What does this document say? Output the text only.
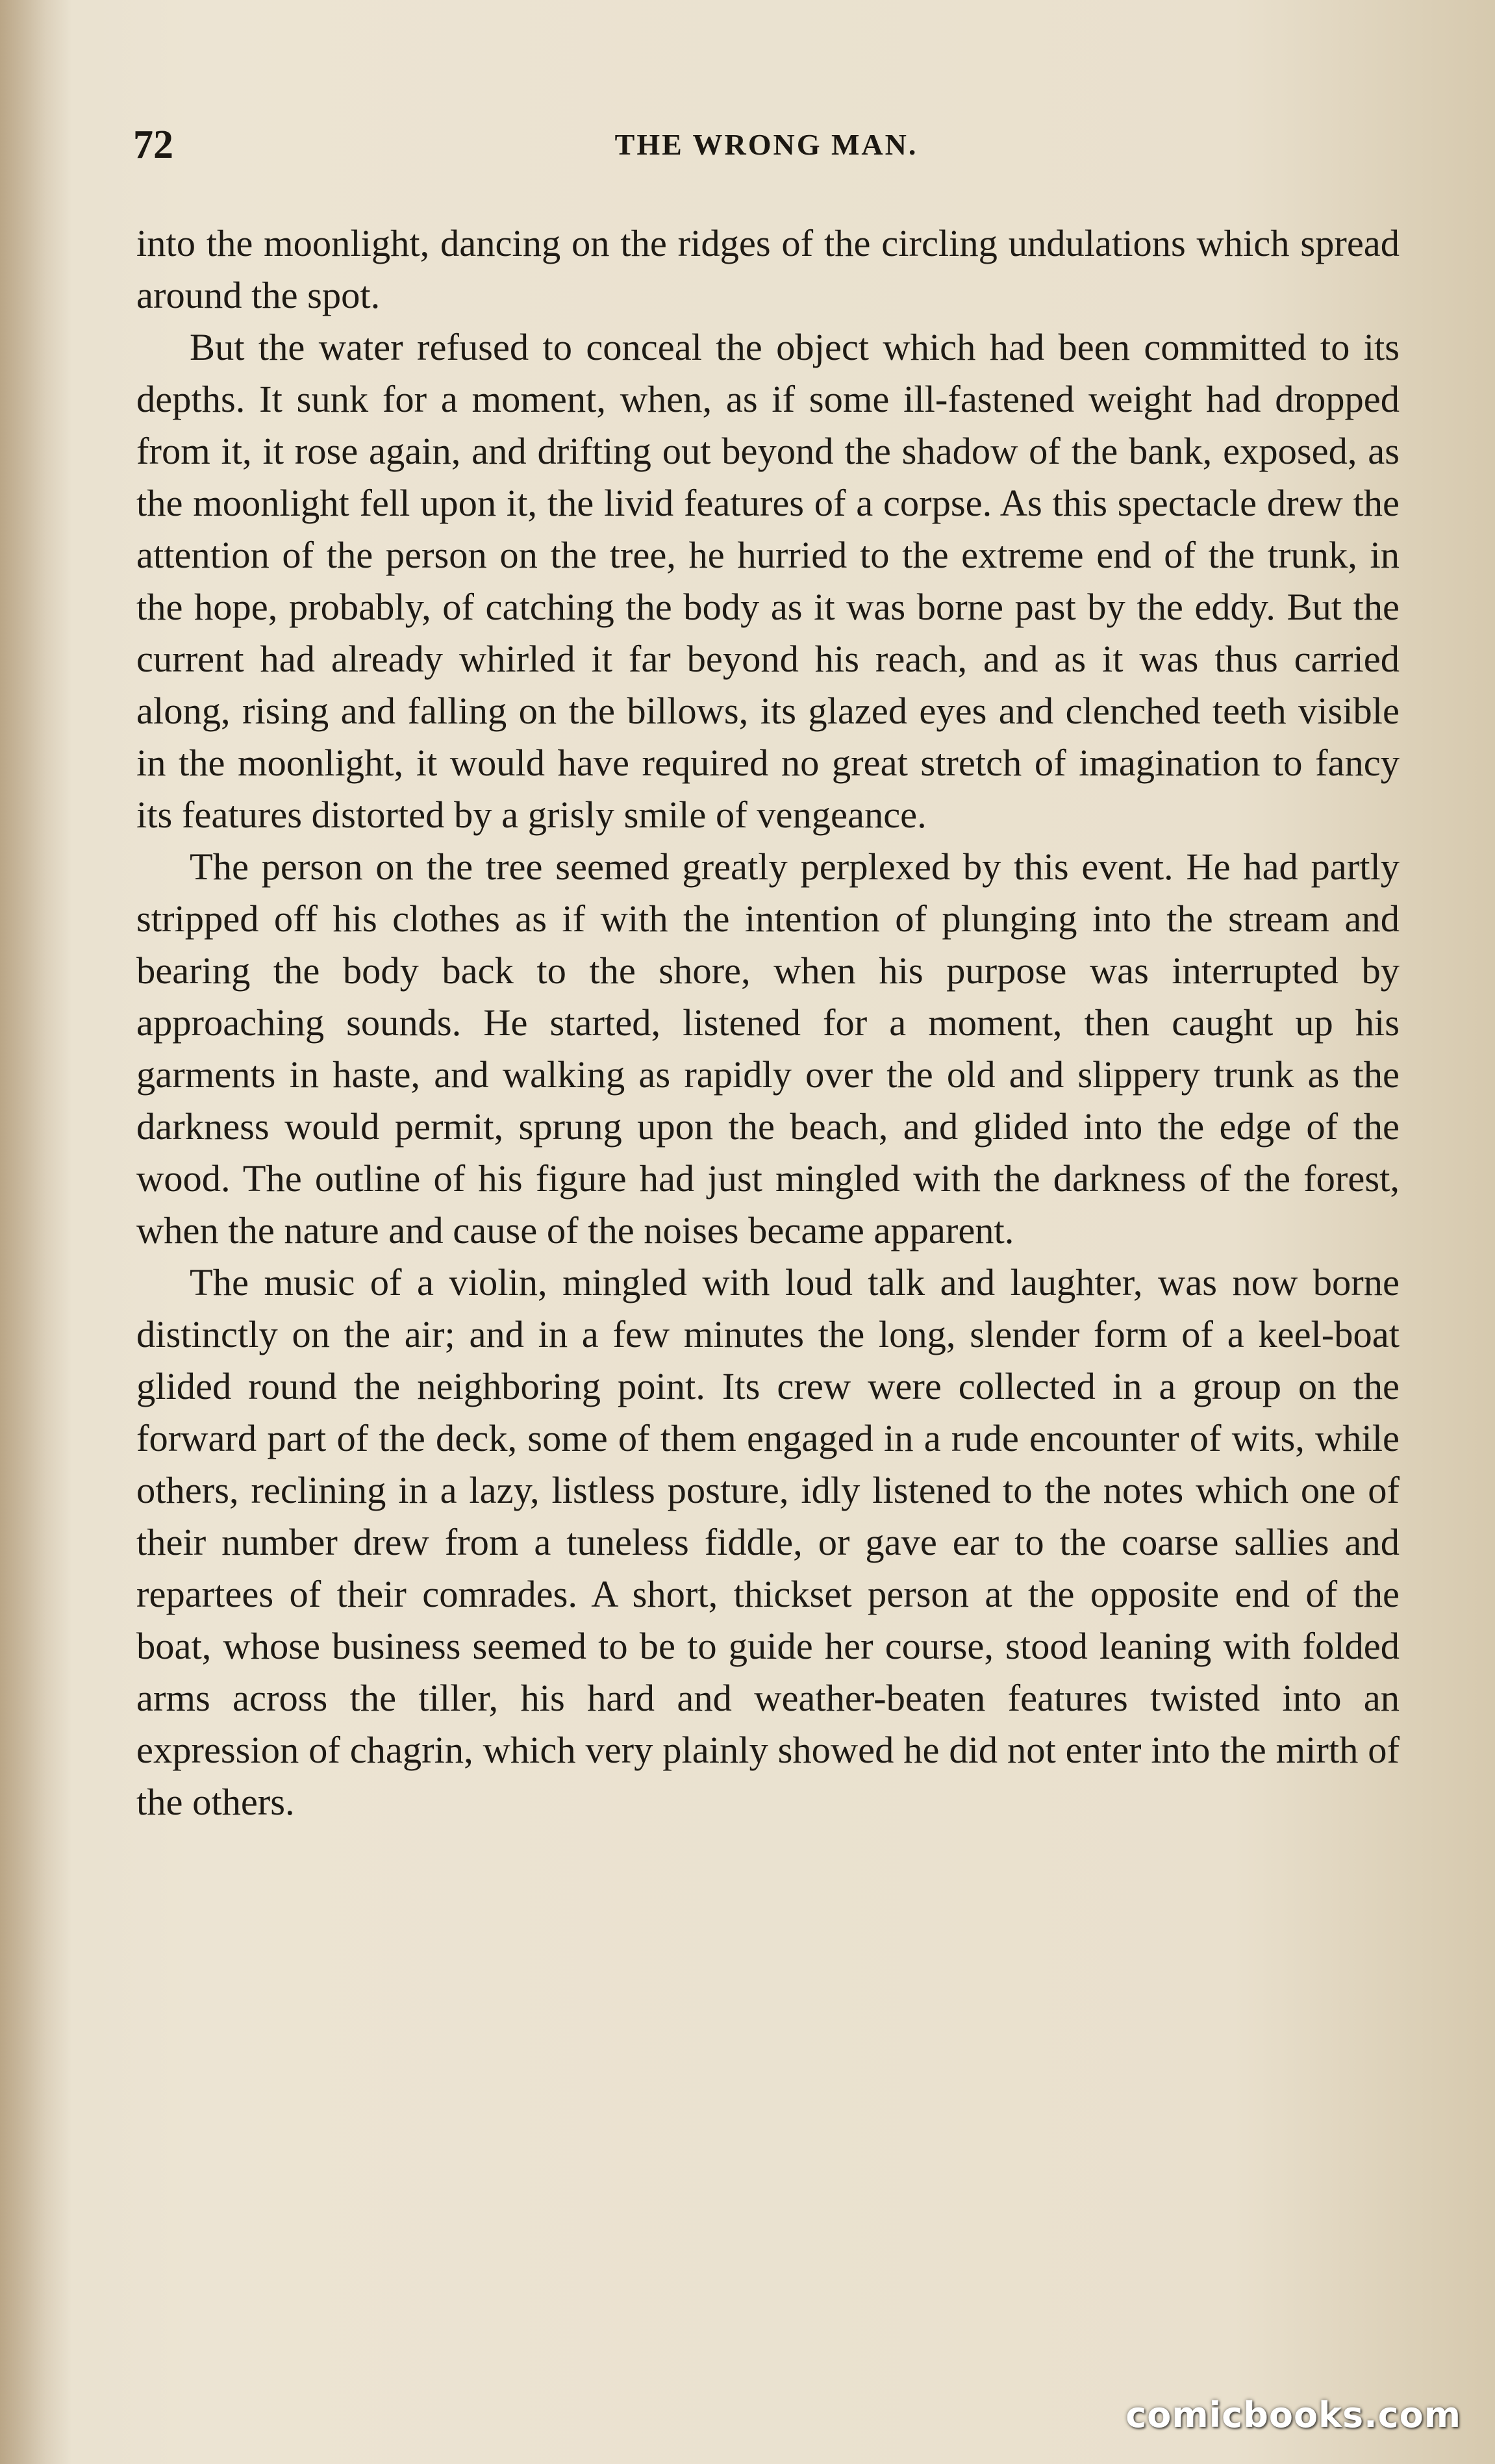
72	THE WRONG MAN.

into the moonlight, dancing on the ridges of the circling undulations which spread around the spot.

But the water refused to conceal the object which had been committed to its depths. It sunk for a moment, when, as if some ill-fastened weight had dropped from it, it rose again, and drifting out beyond the shadow of the bank, exposed, as the moonlight fell upon it, the livid features of a corpse. As this spectacle drew the attention of the person on the tree, he hurried to the extreme end of the trunk, in the hope, probably, of catching the body as it was borne past by the eddy. But the current had already whirled it far beyond his reach, and as it was thus carried along, rising and falling on the billows, its glazed eyes and clenched teeth visible in the moonlight, it would have required no great stretch of imagination to fancy its features distorted by a grisly smile of vengeance.

The person on the tree seemed greatly perplexed by this event. He had partly stripped off his clothes as if with the intention of plunging into the stream and bearing the body back to the shore, when his purpose was interrupted by approaching sounds. He started, listened for a moment, then caught up his garments in haste, and walking as rapidly over the old and slippery trunk as the darkness would permit, sprung upon the beach, and glided into the edge of the wood. The outline of his figure had just mingled with the darkness of the forest, when the nature and cause of the noises became apparent.

The music of a violin, mingled with loud talk and laughter, was now borne distinctly on the air; and in a few minutes the long, slender form of a keel-boat glided round the neighboring point. Its crew were collected in a group on the forward part of the deck, some of them engaged in a rude encounter of wits, while others, reclining in a lazy, listless posture, idly listened to the notes which one of their number drew from a tuneless fiddle, or gave ear to the coarse sallies and repartees of their comrades. A short, thickset person at the opposite end of the boat, whose business seemed to be to guide her course, stood leaning with folded arms across the tiller, his hard and weather-beaten features twisted into an expression of chagrin, which very plainly showed he did not enter into the mirth of the others.

comicbooks.com
